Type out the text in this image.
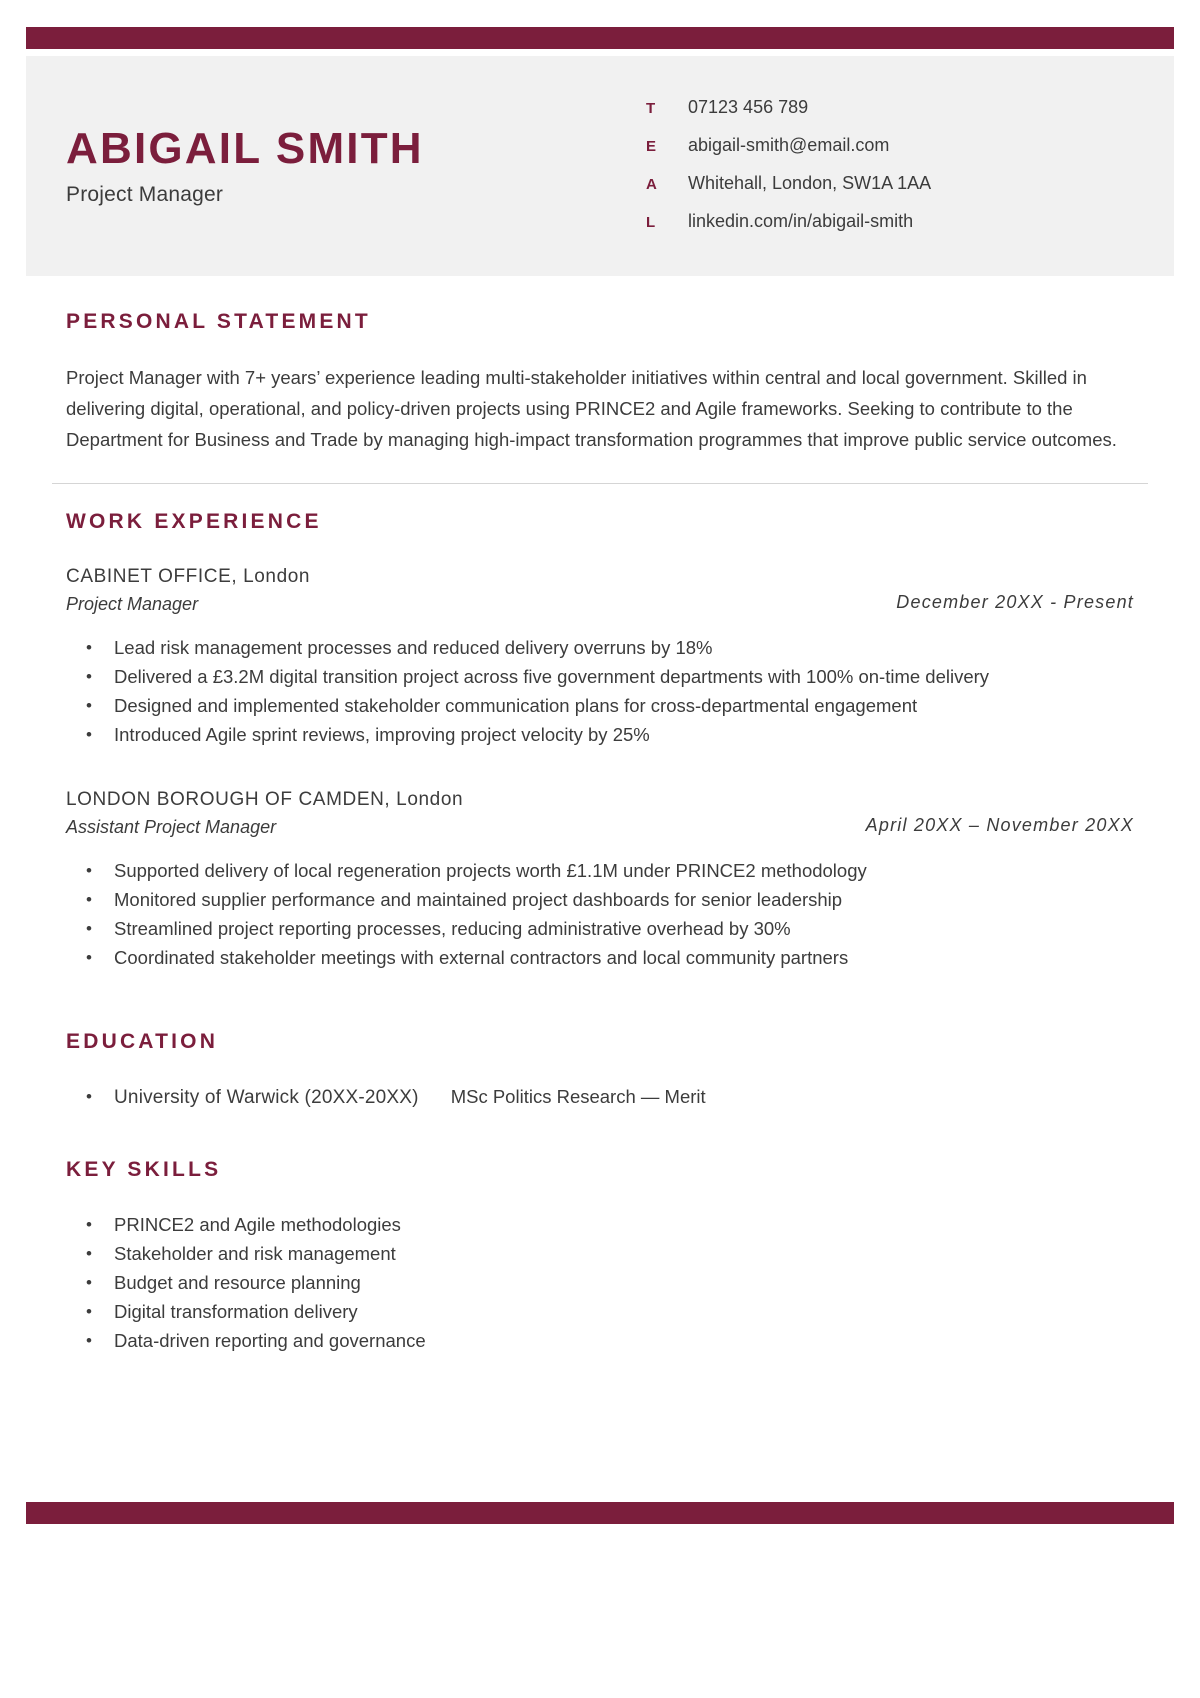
ABIGAIL SMITH
Project Manager
T	07123 456 789
E	abigail-smith@email.com
A	Whitehall, London, SW1A 1AA
L	linkedin.com/in/abigail-smith
PERSONAL STATEMENT

Project Manager with 7+ years’ experience leading multi-stakeholder initiatives within central and local government. Skilled in delivering digital, operational, and policy-driven projects using PRINCE2 and Agile frameworks. Seeking to contribute to the Department for Business and Trade by managing high-impact transformation programmes that improve public service outcomes.

WORK EXPERIENCE
CABINET OFFICE, London
Project Manager	December 20XX - Present
• Lead risk management processes and reduced delivery overruns by 18%
• Delivered a £3.2M digital transition project across five government departments with 100% on-time delivery
• Designed and implemented stakeholder communication plans for cross-departmental engagement
• Introduced Agile sprint reviews, improving project velocity by 25%
LONDON BOROUGH OF CAMDEN, London
Assistant Project Manager	April 20XX – November 20XX
• Supported delivery of local regeneration projects worth £1.1M under PRINCE2 methodology
• Monitored supplier performance and maintained project dashboards for senior leadership
• Streamlined project reporting processes, reducing administrative overhead by 30%
• Coordinated stakeholder meetings with external contractors and local community partners
EDUCATION
• University of Warwick (20XX-20XX) MSc Politics Research — Merit
KEY SKILLS
• PRINCE2 and Agile methodologies
• Stakeholder and risk management
• Budget and resource planning
• Digital transformation delivery
• Data-driven reporting and governance
